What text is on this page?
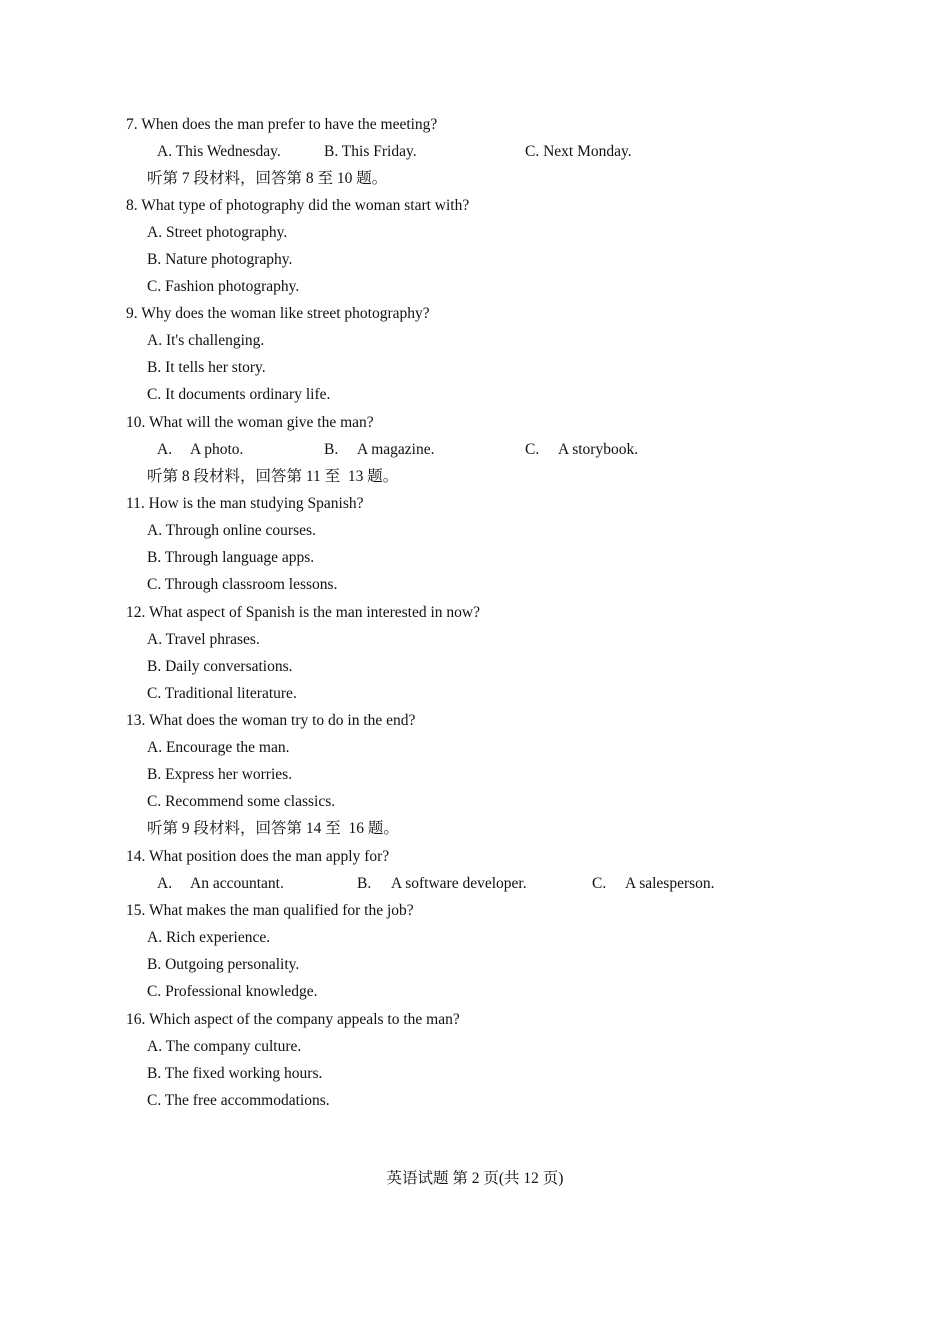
7. When does the man prefer to have the meeting?
A. This Wednesday.	B. This Friday.	C. Next Monday.
听第 7 段材料，回答第 8 至 10 题。
8. What type of photography did the woman start with?
A. Street photography.
B. Nature photography.
C. Fashion photography.
9. Why does the woman like street photography?
A. It's challenging.
B. It tells her story.
C. It documents ordinary life.
10. What will the woman give the man?
A. A photo.	B. A magazine.	C. A storybook.
听第 8 段材料，回答第 11 至  13 题。
11. How is the man studying Spanish?
A. Through online courses.
B. Through language apps.
C. Through classroom lessons.
12. What aspect of Spanish is the man interested in now?
A. Travel phrases.
B. Daily conversations.
C. Traditional literature.
13. What does the woman try to do in the end?
A. Encourage the man.
B. Express her worries.
C. Recommend some classics.
听第 9 段材料，回答第 14 至  16 题。
14. What position does the man apply for?
A. An accountant.	B. A software developer.	C. A salesperson.
15. What makes the man qualified for the job?
A. Rich experience.
B. Outgoing personality.
C. Professional knowledge.
16. Which aspect of the company appeals to the man?
A. The company culture.
B. The fixed working hours.
C. The free accommodations.
英语试题 第 2 页(共 12 页)
